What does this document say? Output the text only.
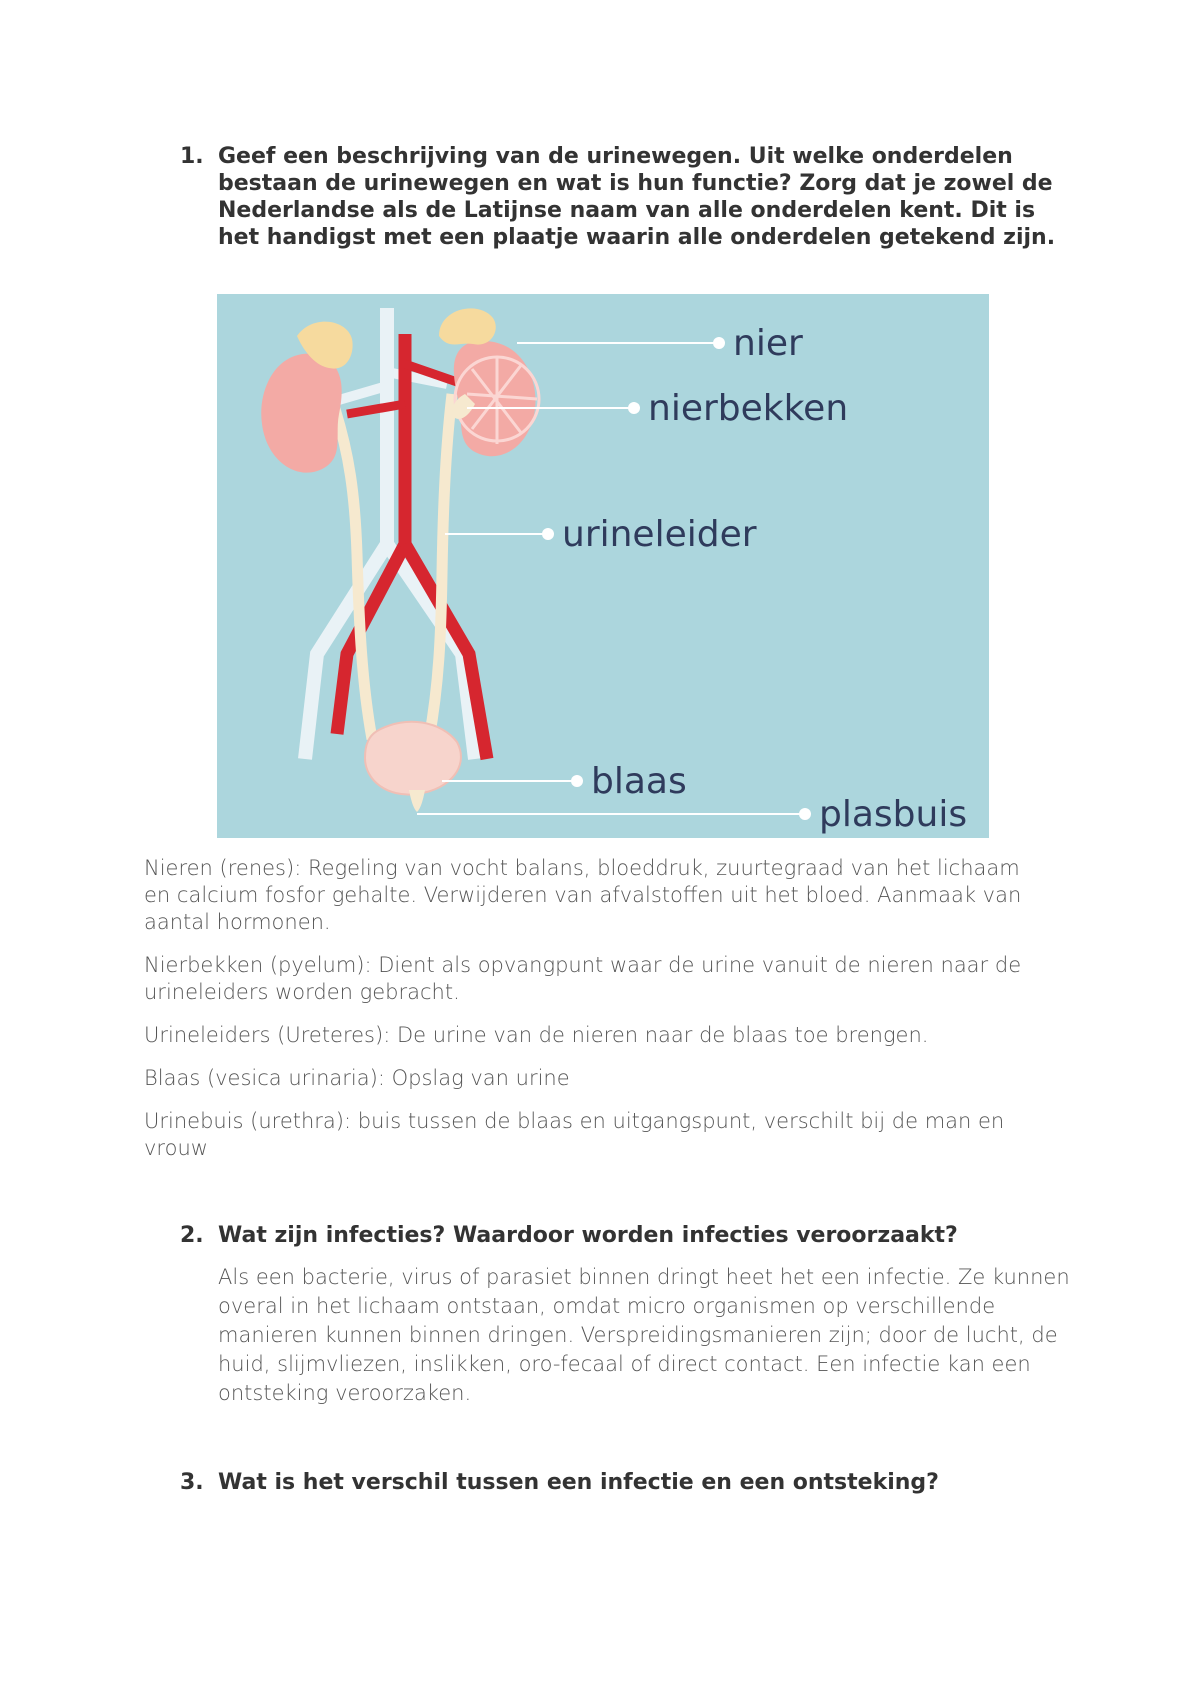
1. Geef een beschrijving van de urinewegen. Uit welke onderdelen bestaan de urinewegen en wat is hun functie? Zorg dat je zowel de Nederlandse als de Latijnse naam van alle onderdelen kent. Dit is het handigst met een plaatje waarin alle onderdelen getekend zijn.
nier
nierbekken
urineleider
blaas
plasbuis
Nieren (renes): Regeling van vocht balans, bloeddruk, zuurtegraad van het lichaam en calcium fosfor gehalte. Verwijderen van afvalstoffen uit het bloed. Aanmaak van aantal hormonen.
Nierbekken (pyelum): Dient als opvangpunt waar de urine vanuit de nieren naar de urineleiders worden gebracht.
Urineleiders (Ureteres): De urine van de nieren naar de blaas toe brengen.
Blaas (vesica urinaria): Opslag van urine
Urinebuis (urethra): buis tussen de blaas en uitgangspunt, verschilt bij de man en vrouw
2. Wat zijn infecties? Waardoor worden infecties veroorzaakt?
Als een bacterie, virus of parasiet binnen dringt heet het een infectie. Ze kunnen overal in het lichaam ontstaan, omdat micro organismen op verschillende manieren kunnen binnen dringen. Verspreidingsmanieren zijn; door de lucht, de huid, slijmvliezen, inslikken, oro-fecaal of direct contact. Een infectie kan een ontsteking veroorzaken.
3. Wat is het verschil tussen een infectie en een ontsteking?
